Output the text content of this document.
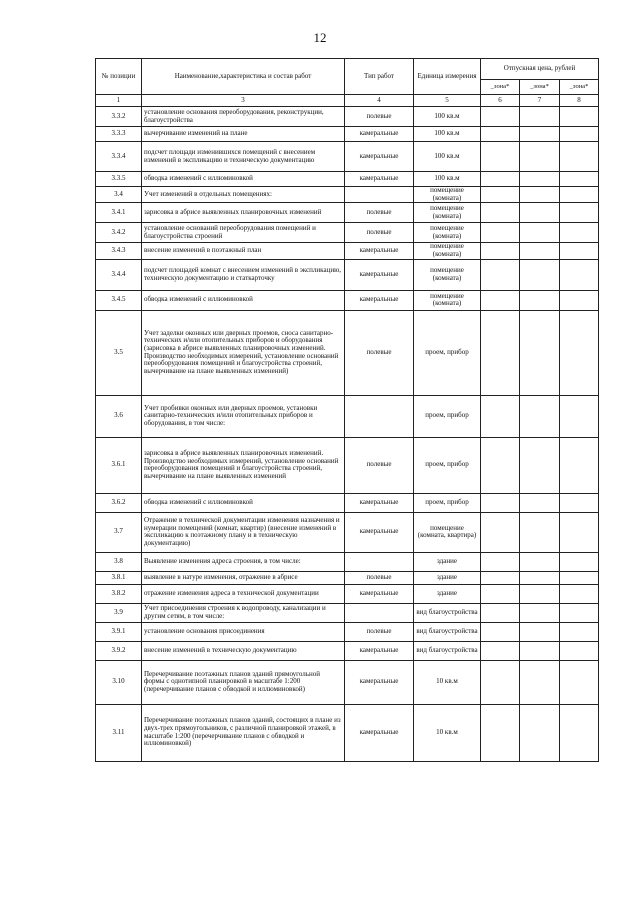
12
№ позиции	Наименование,характеристика и состав работ	Тип работ	Единица измерения	Отпускная цена, рублей		
				_зона*	_зона*	_зона*
1	3	4	5	6	7	8
3.3.2	установление основания переоборудования, реконструкции, благоустройства	полевые	100 кв.м			
3.3.3	вычерчивание изменений на плане	камеральные	100 кв.м			
3.3.4	подсчет площади изменившихся помещений с внесением изменений в экспликацию и техническую документацию	камеральные	100 кв.м			
3.3.5	обводка изменений с иллюминовкой	камеральные	100 кв.м			
3.4	Учет изменений в отдельных помещениях:		помещение (комната)			
3.4.1	зарисовка в абрисе выявленных планировочных изменений	полевые	помещение (комната)			
3.4.2	установление оснований переоборудования помещений и благоустройства строений	полевые	помещение (комната)			
3.4.3	внесение изменений в поэтажный план	камеральные	помещение (комната)			
3.4.4	подсчет площадей комнат с внесением изменений в экспликацию, техническую документацию и статкарточку	камеральные	помещение (комната)			
3.4.5	обводка изменений с иллюминовкой	камеральные	помещение (комната)			
3.5	Учет заделки оконных или дверных проемов, сноса санитарно-технических и/или отопительных приборов и оборудования (зарисовка в абрисе выявленных планировочных изменений. Производство необходимых измерений, установление оснований переоборудования помещений и благоустройства строений, вычерчивание на плане выявленных изменений)	полевые	проем, прибор			
3.6	Учет пробивки оконных или дверных проемов, установки санитарно-технических и/или отопительных приборов и оборудования, в том числе:		проем, прибор			
3.6.1	зарисовка в абрисе выявленных планировочных изменений. Производство необходимых измерений, установление оснований переоборудования помещений и благоустройства строений, вычерчивание на плане выявленных изменений	полевые	проем, прибор			
3.6.2	обводка изменений с иллюминовкой	камеральные	проем, прибор			
3.7	Отражение в технической документации изменения назначения и нумерации помещений (комнат, квартир) (внесение изменений в экспликацию к поэтажному плану и в техническую документацию)	камеральные	помещение (комната, квартира)			
3.8	Выявление изменения адреса строения, в том числе:		здание			
3.8.1	выявление в натуре изменения, отражение в абрисе	полевые	здание			
3.8.2	отражение изменения адреса в технической документации	камеральные	здание			
3.9	Учет присоединения строения к водопроводу, канализации и другим сетям, в том числе:		вид благоустройства			
3.9.1	установление основания присоединения	полевые	вид благоустройства			
3.9.2	внесение изменений в техническую документацию	камеральные	вид благоустройства			
3.10	Перечерчивание поэтажных планов зданий прямоугольной формы с однотипной планировкой в масштабе 1:200 (перечерчивание планов с обводкой и иллюминовкой)	камеральные	10 кв.м			
3.11	Перечерчивание поэтажных планов зданий, состоящих в плане из двух-трех прямоугольников, с различной планировкой этажей, в масштабе 1:200 (перечерчивание планов с обводкой и иллюминовкой)	камеральные	10 кв.м			
